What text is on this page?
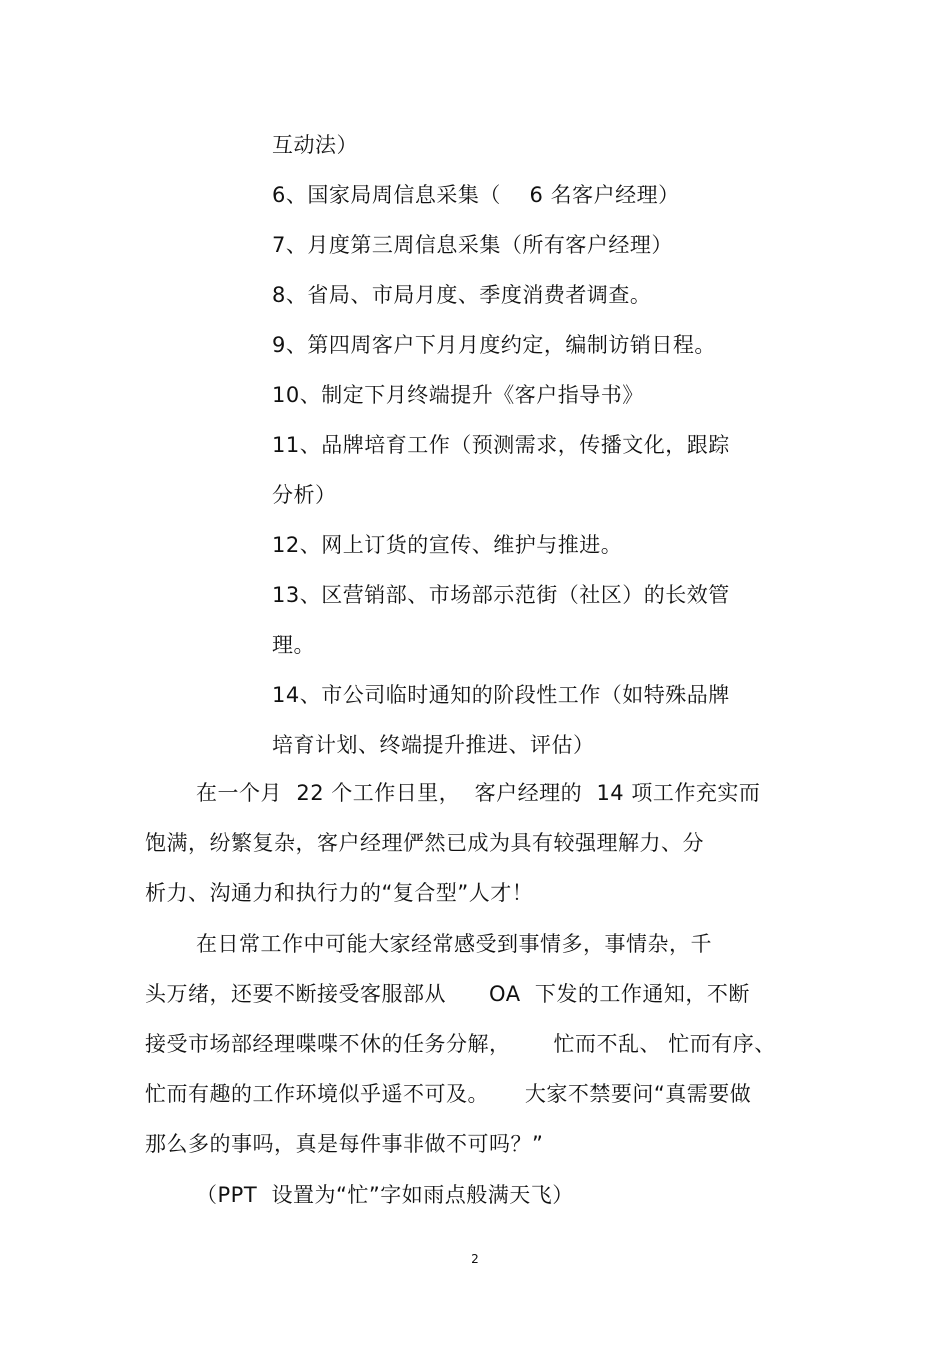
互动法）
6、国家局周信息采集（    6 名客户经理）
7、月度第三周信息采集（所有客户经理）
8、省局、市局月度、季度消费者调查。
9、第四周客户下月月度约定，编制访销日程。
10、制定下月终端提升《客户指导书》
11、品牌培育工作（预测需求，传播文化，跟踪
分析）
12、网上订货的宣传、维护与推进。
13、区营销部、市场部示范街（社区）的长效管
理。
14、市公司临时通知的阶段性工作（如特殊品牌
培育计划、终端提升推进、评估）
在一个月  22 个工作日里，  客户经理的  14 项工作充实而
饱满，纷繁复杂，客户经理俨然已成为具有较强理解力、分
析力、沟通力和执行力的“复合型”人才！
在日常工作中可能大家经常感受到事情多，事情杂，千
头万绪，还要不断接受客服部从      OA  下发的工作通知，不断
接受市场部经理喋喋不休的任务分解，      忙而不乱、 忙而有序、
忙而有趣的工作环境似乎遥不可及。     大家不禁要问“真需要做
那么多的事吗，真是每件事非做不可吗？”
（PPT  设置为“忙”字如雨点般满天飞）
2
